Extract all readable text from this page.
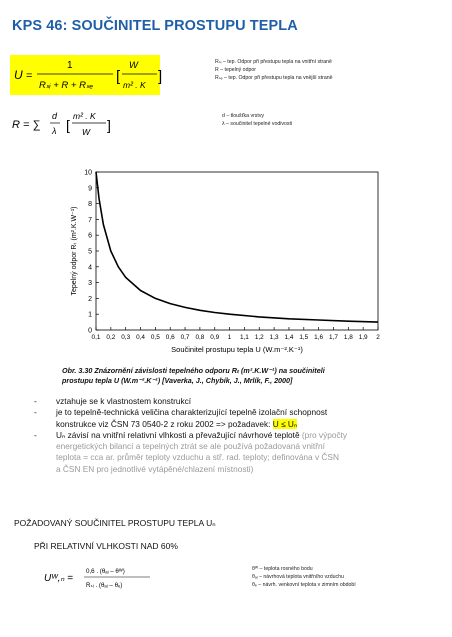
KPS 46: SOUČINITEL PROSTUPU TEPLA
U =
1
Rₛᵢ + R + Rₛₑ
[
W
m² . K ]
Rₛᵢ – tep. Odpor při přestupu tepla na vnitřní straně
R – tepelný odpor
Rₛₑ – tep. Odpor při přestupu tepla na vnější straně
R = ∑
d
λ [
m² . K
W ]
d – tloušťka vrstvy
λ – součinitel tepelné vodivosti
0
1
2
3
4
5
6
7
8
9
10
0,1 0,2 0,3 0,4 0,5 0,6 0,7 0,8 0,9 1 1,1 1,2 1,3 1,4 1,5 1,6 1,7 1,8 1,9 2
Součinitel prostupu tepla U (W.m⁻².K⁻¹)
Tepelný odpor Rₜ (m².K.W⁻¹)
Obr. 3.30 Znázornění závislosti tepelného odporu Rₜ (m².K.W⁻¹) na součiniteli
prostupu tepla U (W.m⁻².K⁻¹) [Vaverka, J., Chybík, J., Mrlík, F., 2000]
- vztahuje se k vlastnostem konstrukcí
- je to tepelně-technická veličina charakterizující tepelně izolační schopnost
konstrukce viz ČSN 73 0540-2 z roku 2002 => požadavek: U ≤ Uₙ
- Uₙ závisí na vnitřní relativní vlhkosti a převažující návrhové teplotě (pro výpočty
energetických bilancí a tepelných ztrát se ale používá požadovaná vnitřní
teplota = cca ar. průměr teploty vzduchu a stř. rad. teploty; definována v ČSN
a ČSN EN pro jednotlivé vytápěné/chlazení místnosti)
POŽADOVANÝ SOUČINITEL PROSTUPU TEPLA Uₙ
PŘI RELATIVNÍ VLHKOSTI NAD 60%
Uᵂ,ₙ =
0,6 . (θₐᵢ – θᵂ)
Rₛᵢ . (θₐᵢ – θₑ)
θᵂ – teplota rosného bodu
θₐᵢ – návrhová teplota vnitřního vzduchu
θₑ – návrh. venkovní teplota v zimním období
